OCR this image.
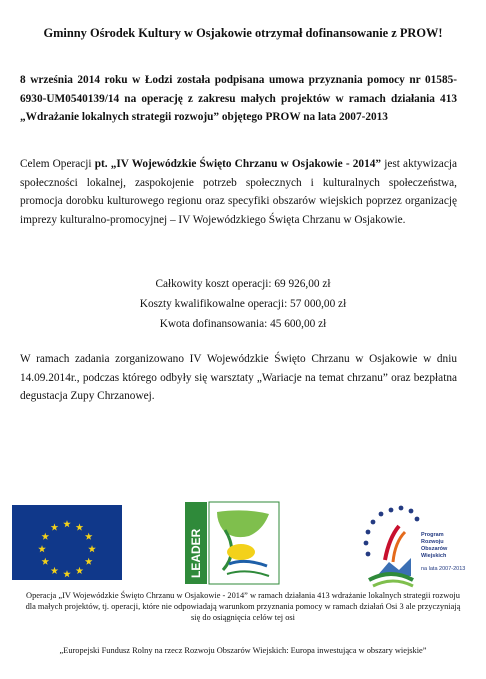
Gminny Ośrodek Kultury w Osjakowie otrzymał dofinansowanie z PROW!
8 września 2014 roku w Łodzi została podpisana umowa przyznania pomocy nr 01585-6930-UM0540139/14 na operację z zakresu małych projektów w ramach działania 413 „Wdrażanie lokalnych strategii rozwoju” objętego PROW na lata 2007-2013
Celem Operacji pt. „IV Wojewódzkie Święto Chrzanu w Osjakowie - 2014” jest aktywizacja społeczności lokalnej, zaspokojenie potrzeb społecznych i kulturalnych społeczeństwa, promocja dorobku kulturowego regionu oraz specyfiki obszarów wiejskich poprzez organizację imprezy kulturalno-promocyjnej – IV Wojewódzkiego Święta Chrzanu w Osjakowie.
Całkowity koszt operacji: 69 926,00 zł
Koszty kwalifikowalne operacji: 57 000,00 zł
Kwota dofinansowania: 45 600,00 zł
W ramach zadania zorganizowano IV Wojewódzkie Święto Chrzanu w Osjakowie w dniu 14.09.2014r., podczas którego odbyły się warsztaty „Wariacje na temat chrzanu” oraz bezpłatna degustacja Zupy Chrzanowej.
LEADER	Program
Rozwoju
Obszarów
Wiejskich
na lata 2007-2013
Operacja „IV Wojewódzkie Święto Chrzanu w Osjakowie - 2014” w ramach działania 413 wdrażanie lokalnych strategii rozwoju dla małych projektów, tj. operacji, które nie odpowiadają warunkom przyznania pomocy w ramach działań Osi 3 ale przyczyniają się do osiągnięcia celów tej osi
„Europejski Fundusz Rolny na rzecz Rozwoju Obszarów Wiejskich: Europa inwestująca w obszary wiejskie”
